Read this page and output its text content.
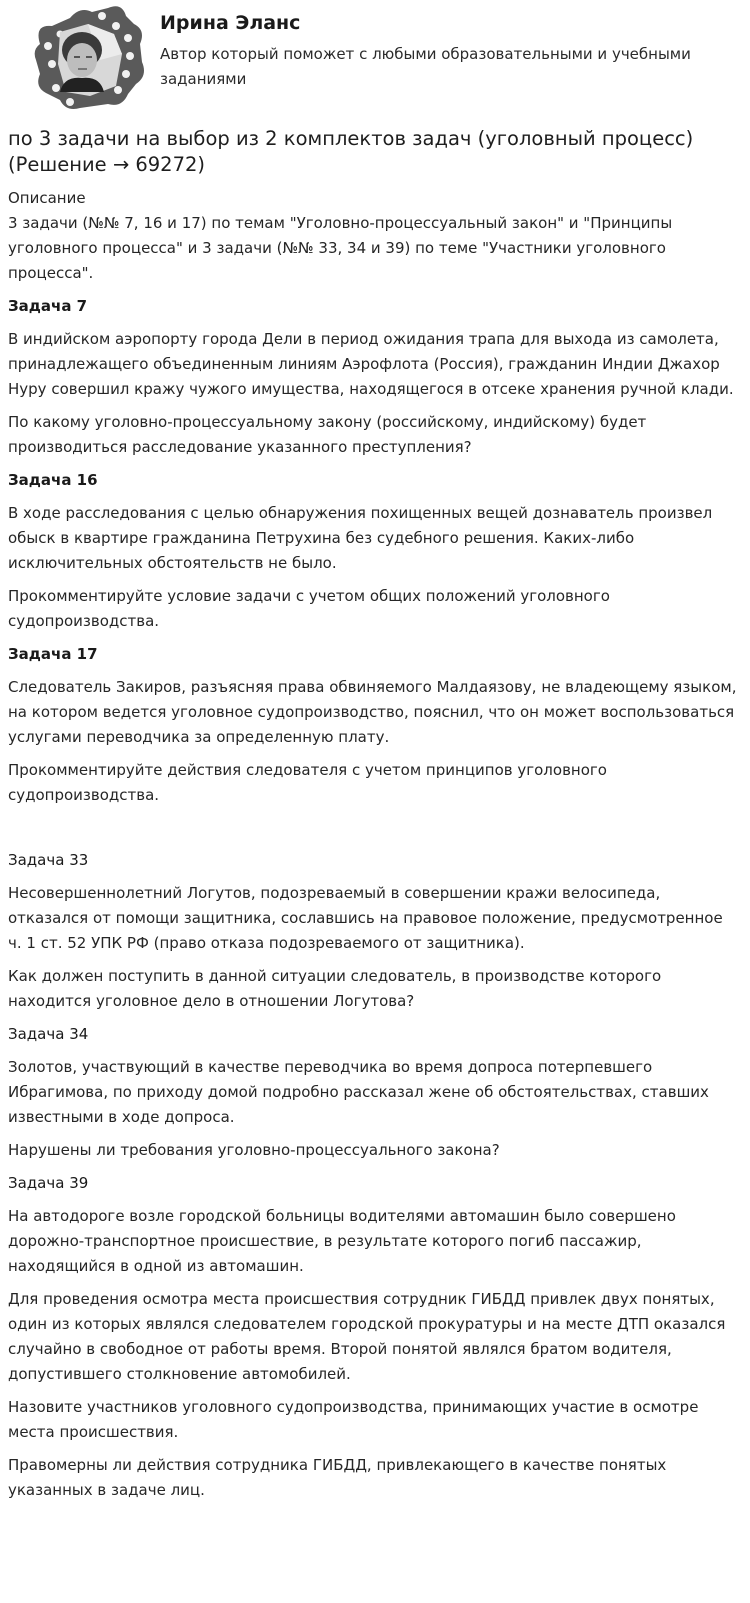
Ирина Эланс
Автор который поможет с любыми образовательными и учебными заданиями
по 3 задачи на выбор из 2 комплектов задач (уголовный процесс) (Решение → 69272)
Описание
3 задачи (№№ 7, 16 и 17) по темам "Уголовно-процессуальный закон" и "Принципы уголовного процесса" и 3 задачи (№№ 33, 34 и 39) по теме "Участники уголовного процесса".
Задача 7

В индийском аэропорту города Дели в период ожидания трапа для выхода из самолета, принадлежащего объединенным линиям Аэрофлота (Россия), гражданин Индии Джахор Нуру совершил кражу чужого имущества, находящегося в отсеке хранения ручной клади.

По какому уголовно-процессуальному закону (российскому, индийскому) будет производиться расследование указанного преступления?

Задача 16

В ходе расследования с целью обнаружения похищенных вещей дознаватель произвел обыск в квартире гражданина Петрухина без судебного решения. Каких-либо исключительных обстоятельств не было.

Прокомментируйте условие задачи с учетом общих положений уголовного судопроизводства.

Задача 17

Следователь Закиров, разъясняя права обвиняемого Малдаязову, не владеющему языком, на котором ведется уголовное судопроизводство, пояснил, что он может воспользоваться услугами переводчика за определенную плату.

Прокомментируйте действия следователя с учетом принципов уголовного судопроизводства.

Задача 33

Несовершеннолетний Логутов, подозреваемый в совершении кражи велосипеда, отказался от помощи защитника, сославшись на правовое положение, предусмотренное ч. 1 ст. 52 УПК РФ (право отказа подозреваемого от защитника).

Как должен поступить в данной ситуации следователь, в производстве которого находится уголовное дело в отношении Логутова?

Задача 34

Золотов, участвующий в качестве переводчика во время допроса потерпевшего Ибрагимова, по приходу домой подробно рассказал жене об обстоятельствах, ставших известными в ходе допроса.

Нарушены ли требования уголовно-процессуального закона?

Задача 39

На автодороге возле городской больницы водителями автомашин было совершено дорожно-транспортное происшествие, в результате которого погиб пассажир, находящийся в одной из автомашин.

Для проведения осмотра места происшествия сотрудник ГИБДД привлек двух понятых, один из которых являлся следователем городской прокуратуры и на месте ДТП оказался случайно в свободное от работы время. Второй понятой являлся братом водителя, допустившего столкновение автомобилей.

Назовите участников уголовного судопроизводства, принимающих участие в осмотре места происшествия.

Правомерны ли действия сотрудника ГИБДД, привлекающего в качестве понятых указанных в задаче лиц.
